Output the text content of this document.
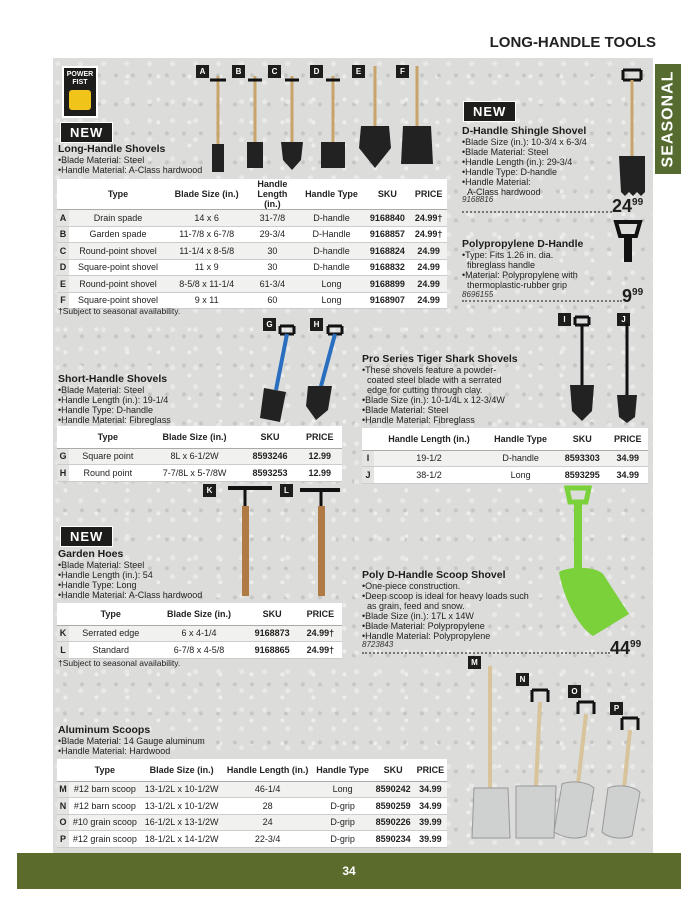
LONG-HANDLE TOOLS
SEASONAL
POWER
FIST
A	B	C	D	E	F
G	H
I	J
K	L
M
N
O
P
NEW
Long-Handle Shovels
•Blade Material: Steel
•Handle Material: A-Class hardwood
	Type	Blade Size (in.)	Handle Length (in.)	Handle Type	SKU	PRICE
A	Drain spade	14 x 6	31-7/8	D-handle	9168840	24.99†
B	Garden spade	11-7/8 x 6-7/8	29-3/4	D-Handle	9168857	24.99†
C	Round-point shovel	11-1/4 x 8-5/8	30	D-handle	9168824	24.99
D	Square-point shovel	11 x 9	30	D-handle	9168832	24.99
E	Round-point shovel	8-5/8 x 11-1/4	61-3/4	Long	9168899	24.99
F	Square-point shovel	9 x 11	60	Long	9168907	24.99
†Subject to seasonal availability.
NEW
D-Handle Shingle Shovel
•Blade Size (in.): 10-3/4 x 6-3/4
•Blade Material: Steel
•Handle Length (in.): 29-3/4
•Handle Type: D-handle
•Handle Material:
A-Class hardwood
9168816	$24^{99}$
Polypropylene D-Handle
•Type: Fits 1.26 in. dia.
fibreglass handle
•Material: Polypropylene with
thermoplastic-rubber grip
8696155	$9^{99}$
Short-Handle Shovels
•Blade Material: Steel
•Handle Length (in.): 19-1/4
•Handle Type: D-handle
•Handle Material: Fibreglass
	Type	Blade Size (in.)	SKU	PRICE
G	Square point	8L x 6-1/2W	8593246	12.99
H	Round point	7-7/8L x 5-7/8W	8593253	12.99
Pro Series Tiger Shark Shovels
•These shovels feature a powder-
coated steel blade with a serrated
edge for cutting through clay.
•Blade Size (in.): 10-1/4L x 12-3/4W
•Blade Material: Steel
•Handle Material: Fibreglass
	Handle Length (in.)	Handle Type	SKU	PRICE
I	19-1/2	D-handle	8593303	34.99
J	38-1/2	Long	8593295	34.99
NEW
Garden Hoes
•Blade Material: Steel
•Handle Length (in.): 54
•Handle Type: Long
•Handle Material: A-Class hardwood
	Type	Blade Size (in.)	SKU	PRICE
K	Serrated edge	6 x 4-1/4	9168873	24.99†
L	Standard	6-7/8 x 4-5/8	9168865	24.99†
†Subject to seasonal availability.
Poly D-Handle Scoop Shovel
•One-piece construction.
•Deep scoop is ideal for heavy loads such
as grain, feed and snow.
•Blade Size (in.): 17L x 14W
•Blade Material: Polypropylene
•Handle Material: Polypropylene
8723843	$44^{99}$
Aluminum Scoops
•Blade Material: 14 Gauge aluminum
•Handle Material: Hardwood
	Type	Blade Size (in.)	Handle Length (in.)	Handle Type	SKU	PRICE
M	#12 barn scoop	13-1/2L x 10-1/2W	46-1/4	Long	8590242	34.99
N	#12 barn scoop	13-1/2L x 10-1/2W	28	D-grip	8590259	34.99
O	#10 grain scoop	16-1/2L x 13-1/2W	24	D-grip	8590226	39.99
P	#12 grain scoop	18-1/2L x 14-1/2W	22-3/4	D-grip	8590234	39.99
34
